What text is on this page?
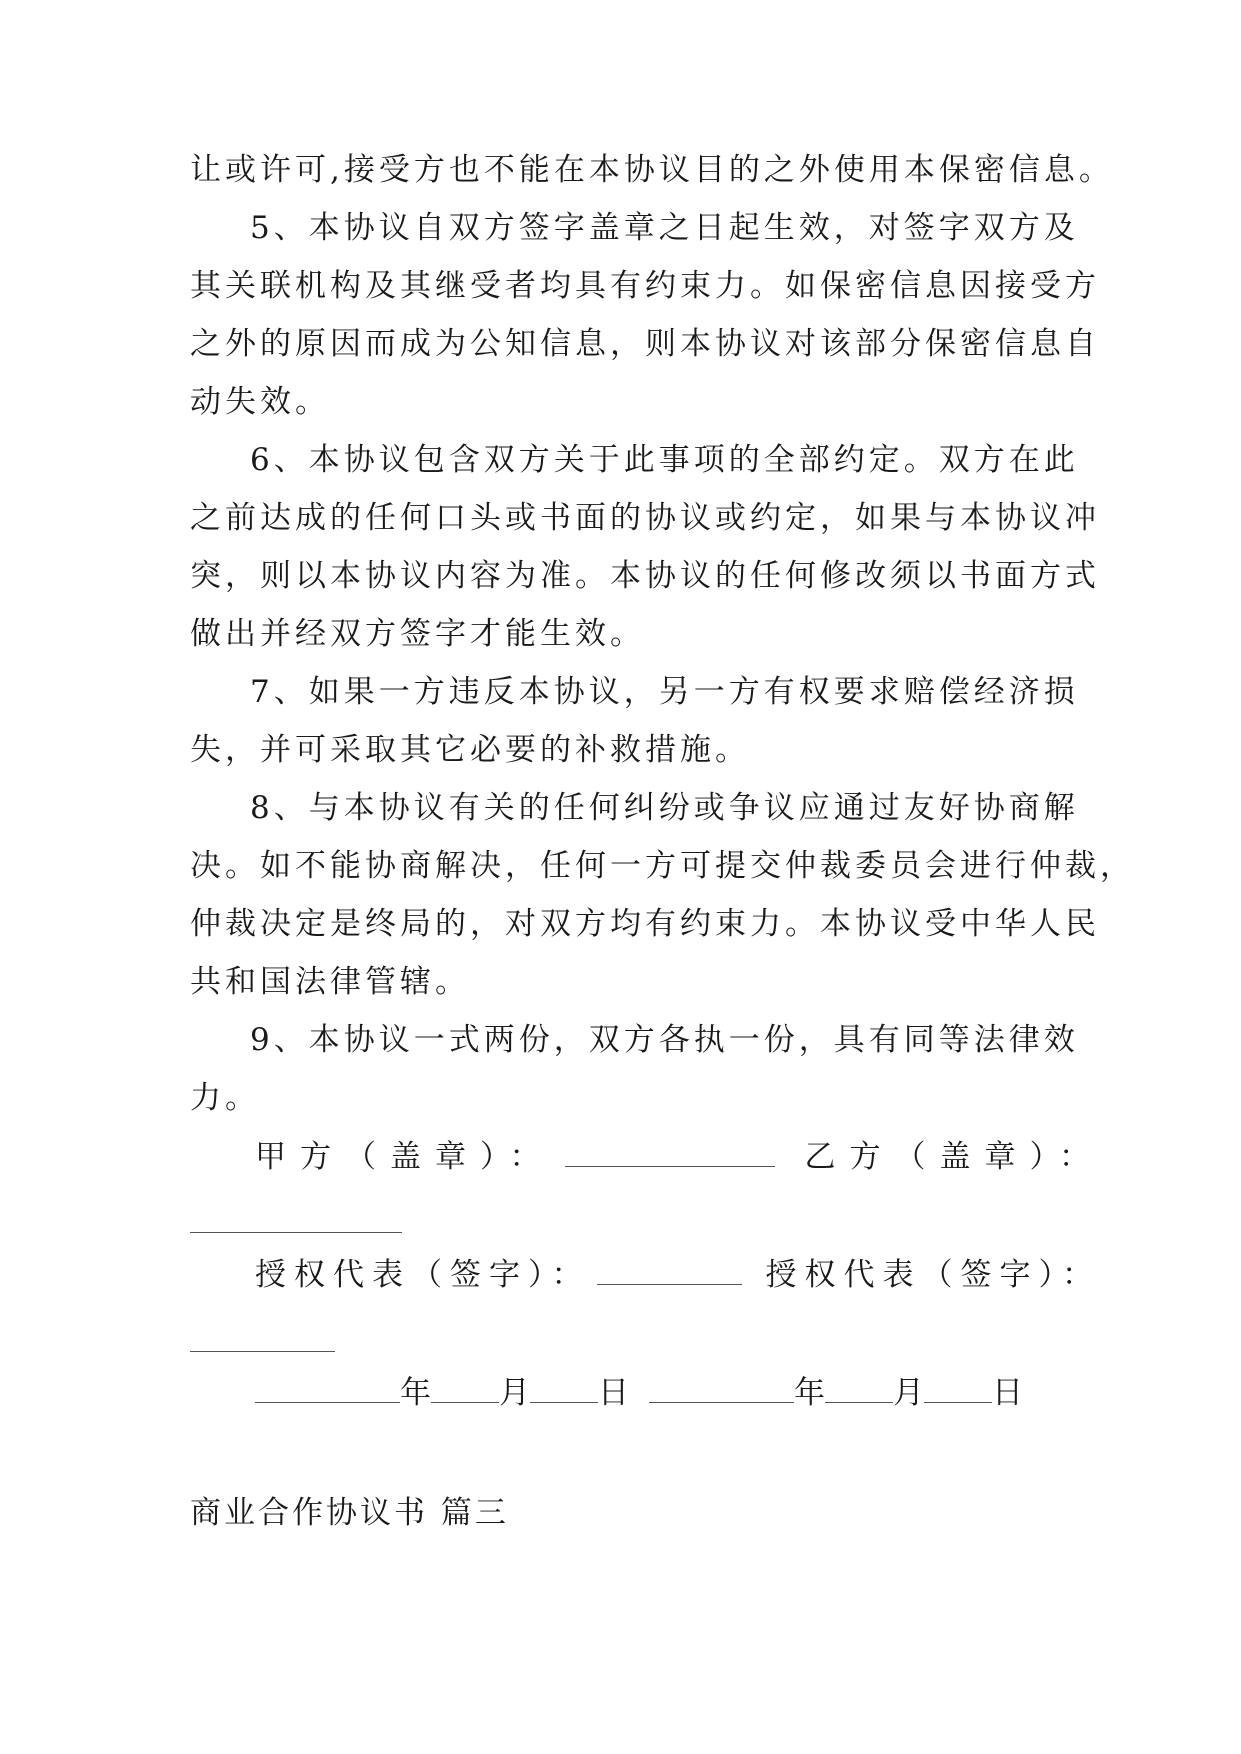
让或许可,接受方也不能在本协议目的之外使用本保密信息。

5、本协议自双方签字盖章之日起生效，对签字双方及

其关联机构及其继受者均具有约束力。如保密信息因接受方

之外的原因而成为公知信息，则本协议对该部分保密信息自

动失效。

6、本协议包含双方关于此事项的全部约定。双方在此

之前达成的任何口头或书面的协议或约定，如果与本协议冲

突，则以本协议内容为准。本协议的任何修改须以书面方式

做出并经双方签字才能生效。

7、如果一方违反本协议，另一方有权要求赔偿经济损

失，并可采取其它必要的补救措施。

8、与本协议有关的任何纠纷或争议应通过友好协商解

决。如不能协商解决，任何一方可提交仲裁委员会进行仲裁，

仲裁决定是终局的，对双方均有约束力。本协议受中华人民

共和国法律管辖。

9、本协议一式两份，双方各执一份，具有同等法律效

力。

甲方（盖章）：	乙方（盖章）：
授权代表（签字）：	授权代表（签字）：
年 月 日	年 月 日
商业合作协议书 篇三
